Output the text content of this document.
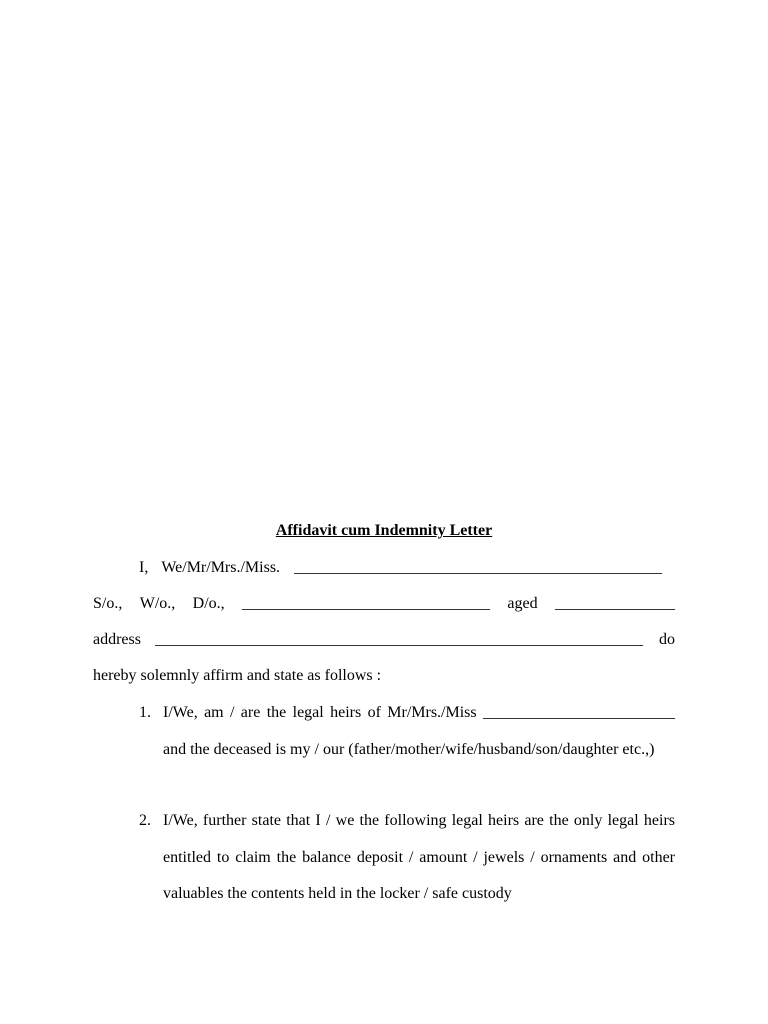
Affidavit cum Indemnity Letter
I, We/Mr/Mrs./Miss. ______________________________________________
S/o., W/o., D/o., _______________________________ aged _______________
address _____________________________________________________________ do
hereby solemnly affirm and state as follows :
1. I/We, am / are the legal heirs of Mr/Mrs./Miss ________________________ and the deceased is my / our (father/mother/wife/husband/son/daughter etc.,)
2. I/We, further state that I / we the following legal heirs are the only legal heirs entitled to claim the balance deposit / amount / jewels / ornaments and other valuables the contents held in the locker / safe custody
